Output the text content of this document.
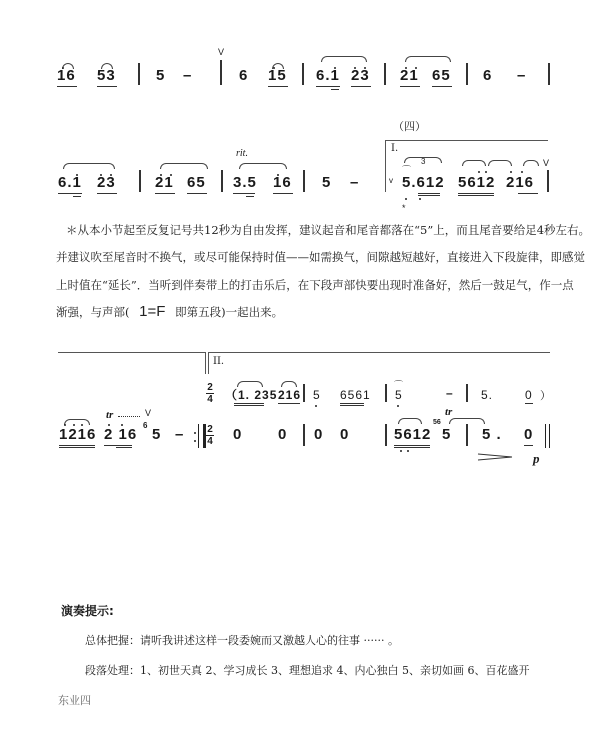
16 53	5 –
V
6 15 6.1 23 21 65 6 –
（四）
6.1 23	21 65
rit.
3.5 16 5 –
I.
v
3
⌒
5.612
*
5612 216
V
＊从本小节起至反复记号共12秒为自由发挥，建议起音和尾音都落在“5”上，而且尾音要给足4秒左右。
并建议吹至尾音时不换气，或尽可能保持时值——如需换气，间隙越短越好，直接进入下段旋律，即感觉
上时值在“延长”．当听到伴奏带上的打击乐后，在下段声部快要出现时准备好，然后一鼓足气，作一点
渐强，与声部( 1=F 即第五段)一起出来。
II.
2
4 （1. 235 216 5 6561
⌒
5	– 5.	0 ）
1216
tr	V
2 16
6
5 – 2
4 0 0 0 0	5612
56
tr
5 5 . 0
p
演奏提示:
总体把握：请听我讲述这样一段委婉而又激越人心的往事 ······ 。
段落处理：1、初世天真 2、学习成长 3、理想追求 4、内心独白 5、亲切如画 6、百花盛开
东业四
